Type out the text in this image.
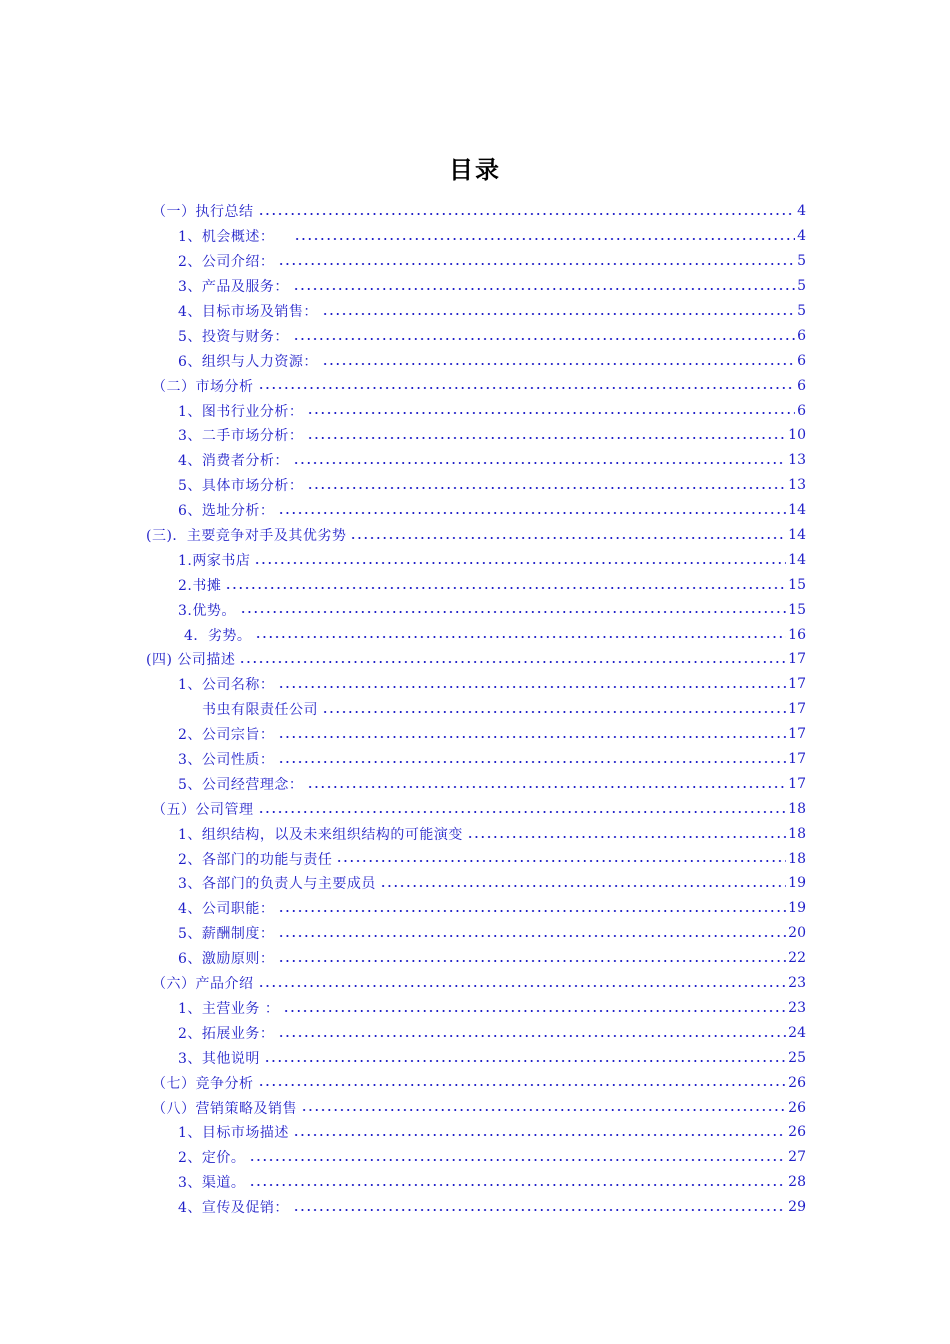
目录
（一）执行总结	4
1、机会概述：	4
2、公司介绍：	5
3、产品及服务：	5
4、目标市场及销售：	5
5、投资与财务：	6
6、组织与人力资源：	6
（二）市场分析	6
1、图书行业分析：	6
3、二手市场分析：	10
4、消费者分析：	13
5、具体市场分析：	13
6、选址分析：	14
(三)．主要竞争对手及其优劣势	14
1.两家书店	14
2.书摊	15
3.优势。	15
4．劣势。	16
(四) 公司描述	17
1、公司名称：	17
书虫有限责任公司	17
2、公司宗旨：	17
3、公司性质：	17
5、公司经营理念：	17
（五）公司管理	18
1、组织结构，以及未来组织结构的可能演变	18
2、各部门的功能与责任	18
3、各部门的负责人与主要成员	19
4、公司职能：	19
5、薪酬制度：	20
6、激励原则：	22
（六）产品介绍	23
1、主营业务 ：	23
2、拓展业务：	24
3、其他说明	25
（七）竞争分析	26
（八）营销策略及销售	26
1、目标市场描述	26
2、定价。	27
3、渠道。	28
4、宣传及促销：	29
